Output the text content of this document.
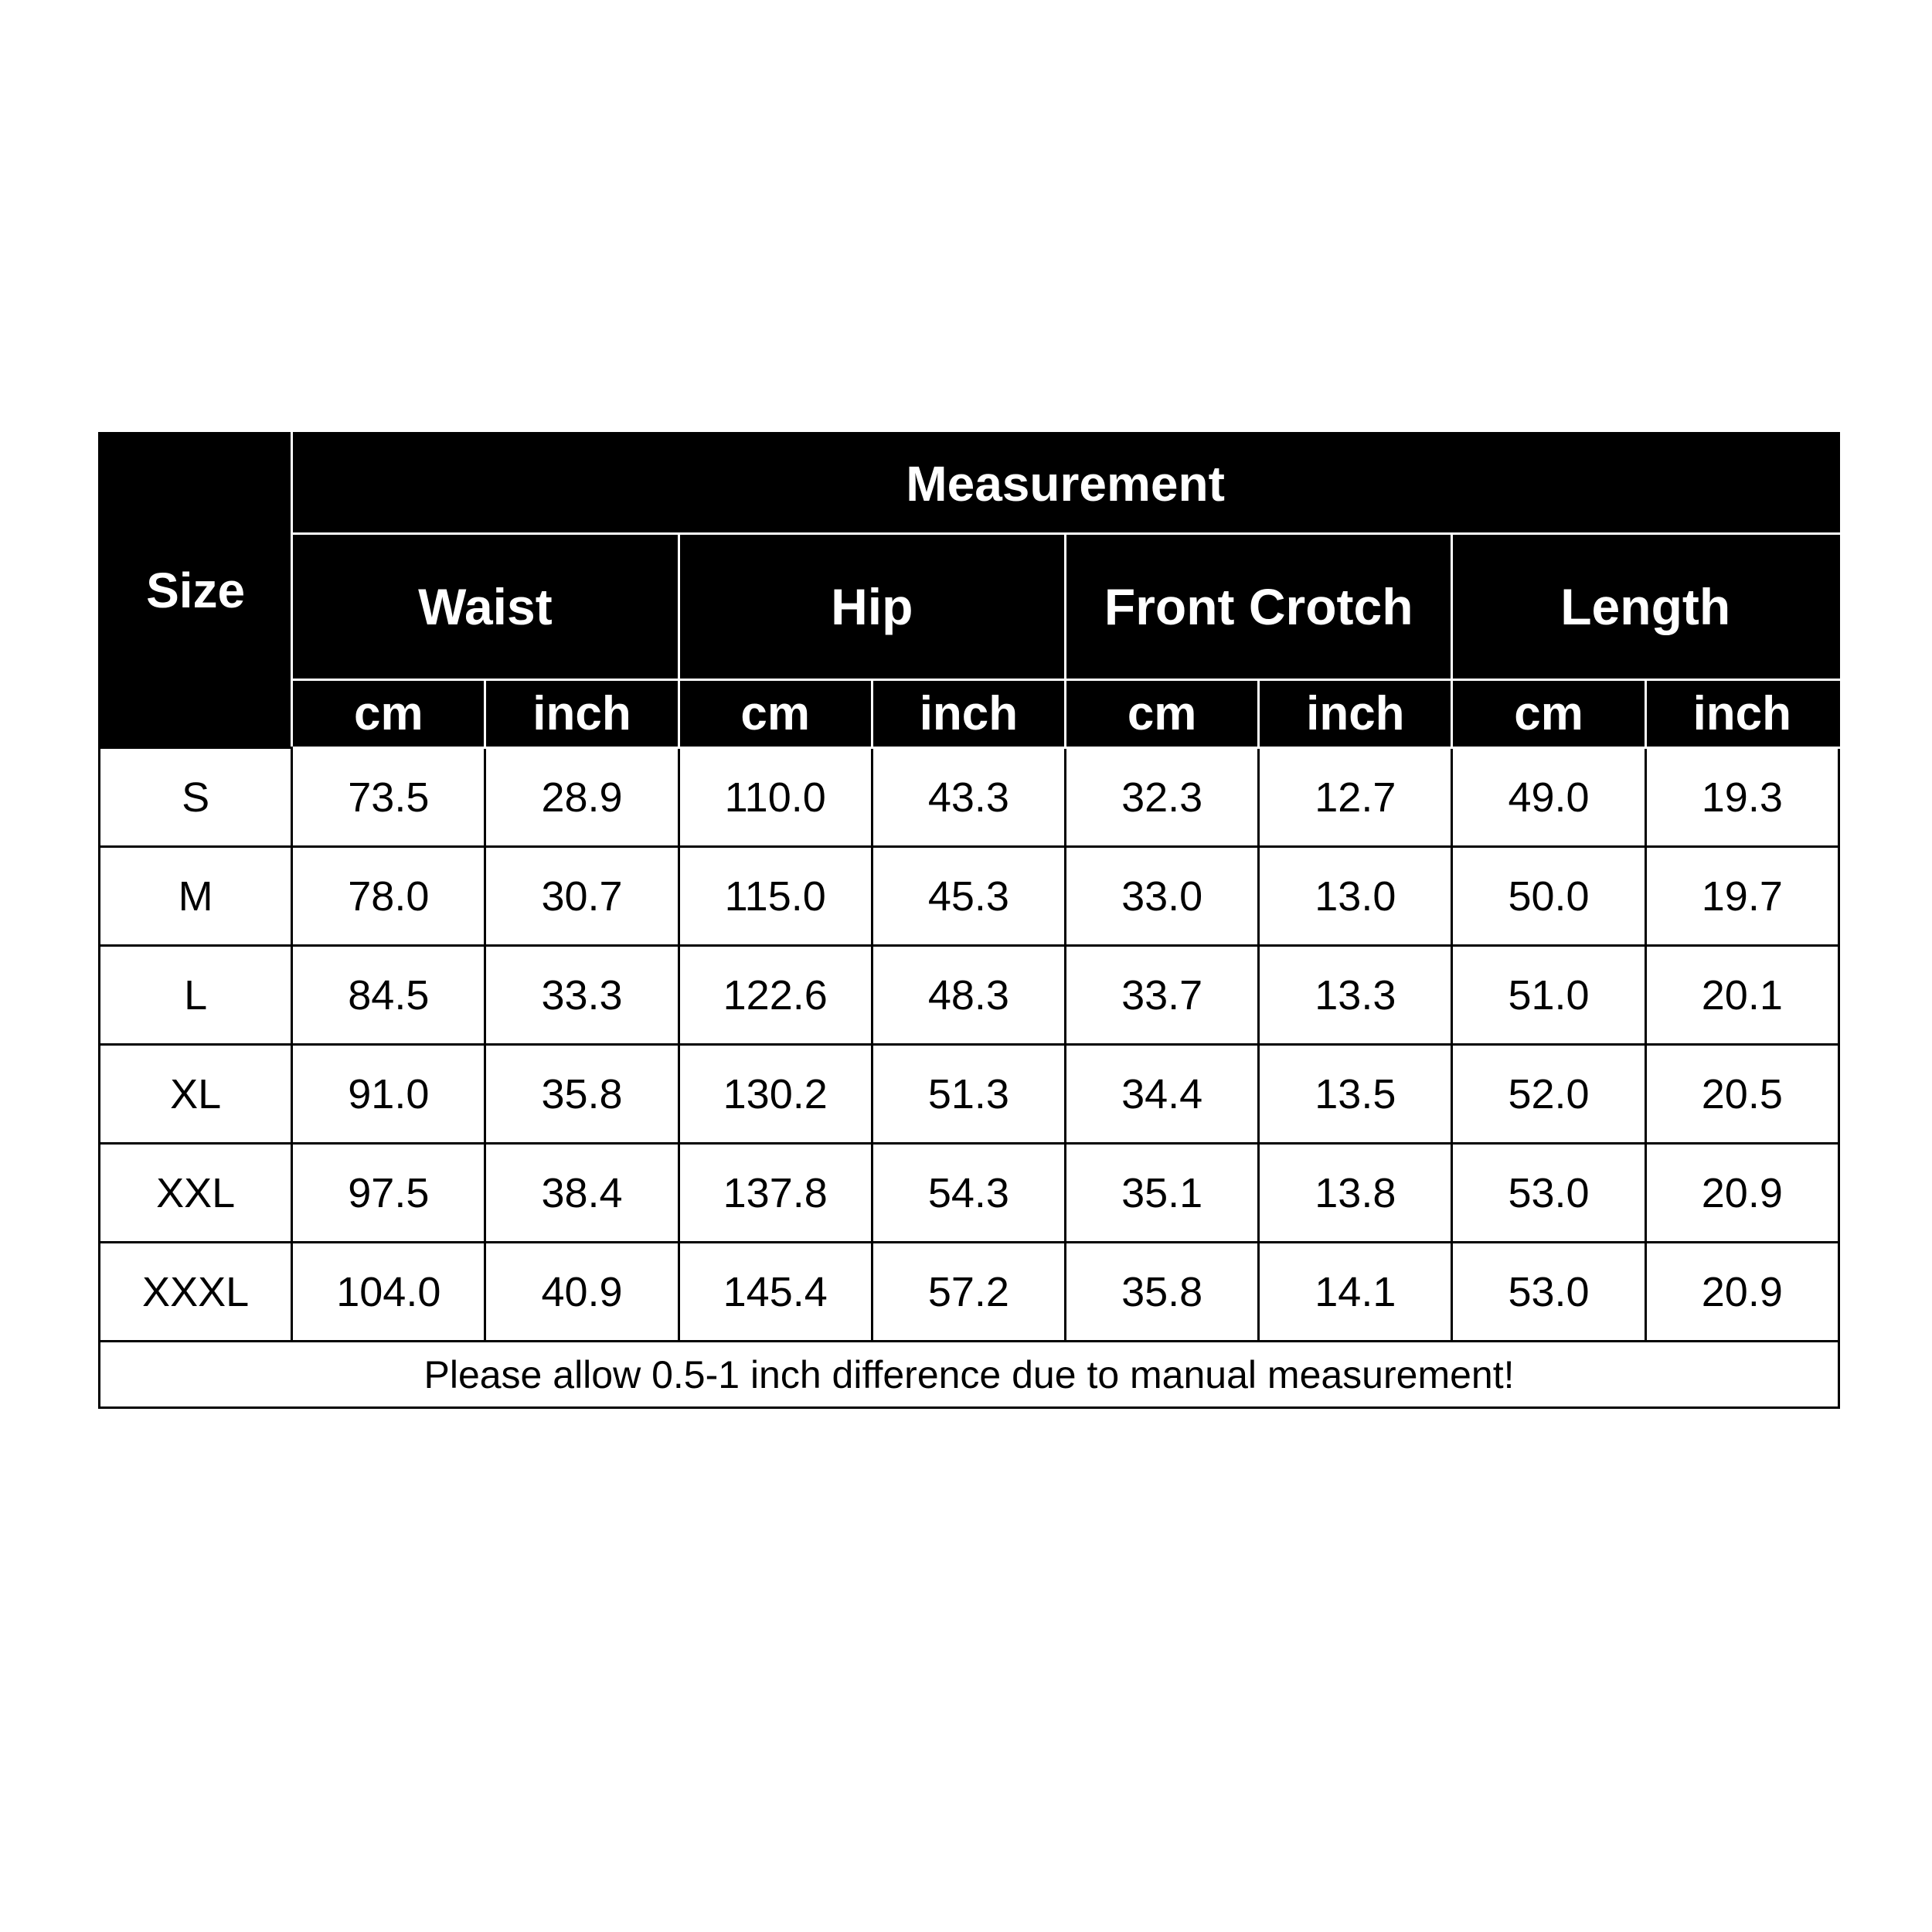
Size	Measurement							
	Waist		Hip		Front Crotch		Length	
	cm	inch	cm	inch	cm	inch	cm	inch
S	73.5	28.9	110.0	43.3	32.3	12.7	49.0	19.3
M	78.0	30.7	115.0	45.3	33.0	13.0	50.0	19.7
L	84.5	33.3	122.6	48.3	33.7	13.3	51.0	20.1
XL	91.0	35.8	130.2	51.3	34.4	13.5	52.0	20.5
XXL	97.5	38.4	137.8	54.3	35.1	13.8	53.0	20.9
XXXL	104.0	40.9	145.4	57.2	35.8	14.1	53.0	20.9
Please allow 0.5-1 inch difference due to manual measurement!								
